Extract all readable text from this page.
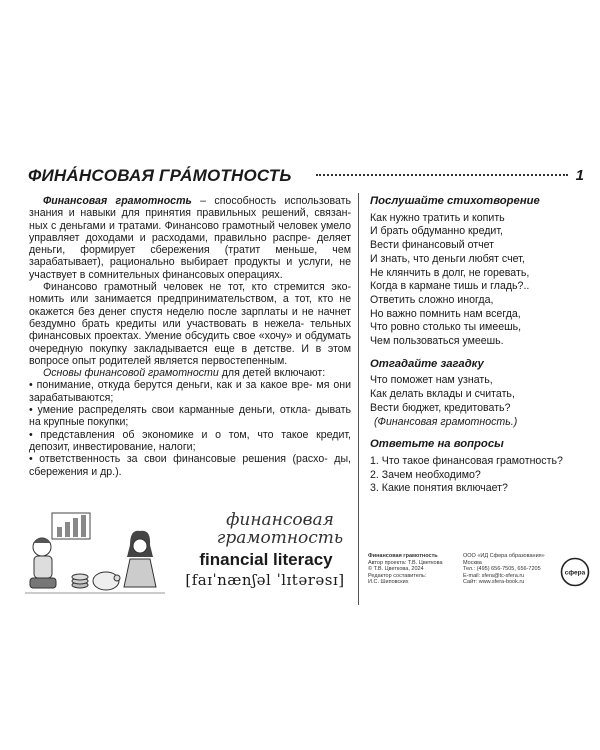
ФИНА́НСОВАЯ ГРА́МОТНОСТЬ	1

Финансовая грамотность – способность использовать знания и навыки для принятия правильных решений, связан- ных с деньгами и тратами. Финансово грамотный человек умело управляет доходами и расходами, правильно распре- деляет деньги, формирует сбережения (тратит меньше, чем зарабатывает), рационально выбирает продукты и услуги, не участвует в сомнительных финансовых операциях.

Финансово грамотный человек не тот, кто стремится эко- номить или занимается предпринимательством, а тот, кто не окажется без денег спустя неделю после зарплаты и не начнет бездумно брать кредиты или участвовать в нежела- тельных финансовых проектах. Умение обсудить свое «хочу» и обдумать очередную покупку закладывается еще в детстве. И в этом вопросе опыт родителей является первостепенным.

Основы финансовой грамотности для детей включают:

• понимание, откуда берутся деньги, как и за какое вре- мя они зарабатываются;

• умение распределять свои карманные деньги, отклa- дывать на крупные покупки;

• представления об экономике и о том, что такое кредит, депозит, инвестирование, налоги;

• ответственность за свои финансовые решения (расхо- ды, сбережения и др.).

Послушайте стихотворение
Как нужно тратить и копить
И брать обдуманно кредит,
Вести финансовый отчет
И знать, что деньги любят счет,
Не клянчить в долг, не горевать,
Когда в кармане тишь и гладь?..
Ответить сложно иногда,
Но важно помнить нам всегда,
Что ровно столько ты имеешь,
Чем пользоваться умеешь.
Отгадайте загадку
Что поможет нам узнать,
Как делать вклады и считать,
Вести бюджет, кредитовать?
(Финансовая грамотность.)
Ответьте на вопросы
1. Что такое финансовая грамотность?
2. Зачем необходимо?
3. Какие понятия включает?
финансовая
грамотность
financial literacy
[faɪˈnænʃəl ˈlɪtərəsɪ]
Финансовая грамотность
Автор проекта: Т.В. Цветкова
© Т.В. Цветкова, 2024
Редактор составитель:
И.С. Шиповских
ООО «ИД Сфера образования»
Москва
Тел.: (495) 656-7505, 656-7205
E-mail: sfera@tc-sfera.ru
Сайт: www.sfera-book.ru
сфера
